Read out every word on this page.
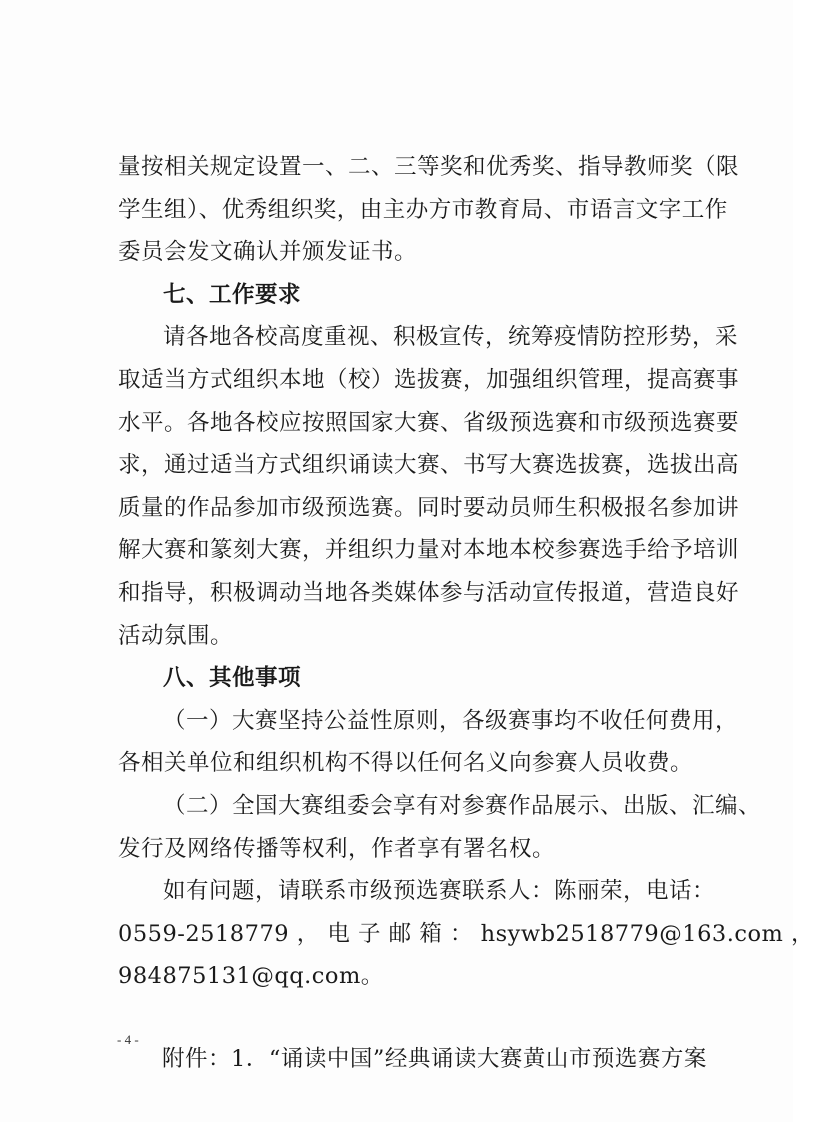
量按相关规定设置一、二、三等奖和优秀奖、指导教师奖（限
学生组）、优秀组织奖，由主办方市教育局、市语言文字工作
委员会发文确认并颁发证书。
七、工作要求
请各地各校高度重视、积极宣传，统筹疫情防控形势，采
取适当方式组织本地（校）选拔赛，加强组织管理，提高赛事
水平。各地各校应按照国家大赛、省级预选赛和市级预选赛要
求，通过适当方式组织诵读大赛、书写大赛选拔赛，选拔出高
质量的作品参加市级预选赛。同时要动员师生积极报名参加讲
解大赛和篆刻大赛，并组织力量对本地本校参赛选手给予培训
和指导，积极调动当地各类媒体参与活动宣传报道，营造良好
活动氛围。
八、其他事项
（一）大赛坚持公益性原则，各级赛事均不收任何费用，
各相关单位和组织机构不得以任何名义向参赛人员收费。
（二）全国大赛组委会享有对参赛作品展示、出版、汇编、
发行及网络传播等权利，作者享有署名权。
如有问题，请联系市级预选赛联系人：陈丽荣，电话：
0559-2518779 ， 电 子 邮 箱 ： hsywb2518779@163.com ，
984875131@qq.com。
附件：1．“诵读中国”经典诵读大赛黄山市预选赛方案
- 4 -
